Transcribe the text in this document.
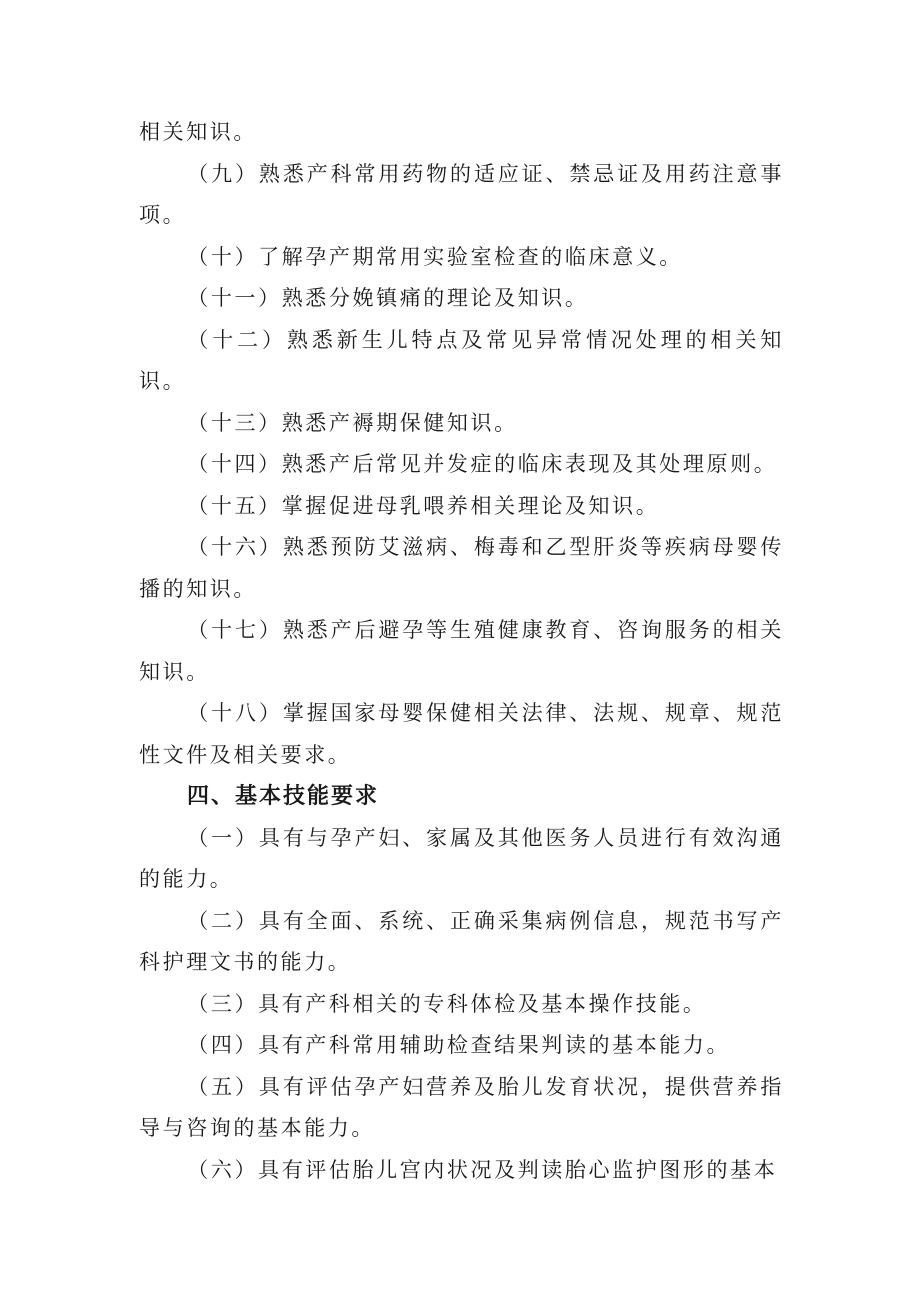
相关知识。

（九）熟悉产科常用药物的适应证、禁忌证及用药注意事项。

（十）了解孕产期常用实验室检查的临床意义。

（十一）熟悉分娩镇痛的理论及知识。

（十二）熟悉新生儿特点及常见异常情况处理的相关知识。

（十三）熟悉产褥期保健知识。

（十四）熟悉产后常见并发症的临床表现及其处理原则。

（十五）掌握促进母乳喂养相关理论及知识。

（十六）熟悉预防艾滋病、梅毒和乙型肝炎等疾病母婴传播的知识。

（十七）熟悉产后避孕等生殖健康教育、咨询服务的相关知识。

（十八）掌握国家母婴保健相关法律、法规、规章、规范性文件及相关要求。

四、基本技能要求

（一）具有与孕产妇、家属及其他医务人员进行有效沟通的能力。

（二）具有全面、系统、正确采集病例信息，规范书写产科护理文书的能力。

（三）具有产科相关的专科体检及基本操作技能。

（四）具有产科常用辅助检查结果判读的基本能力。

（五）具有评估孕产妇营养及胎儿发育状况，提供营养指导与咨询的基本能力。

（六）具有评估胎儿宫内状况及判读胎心监护图形的基本
